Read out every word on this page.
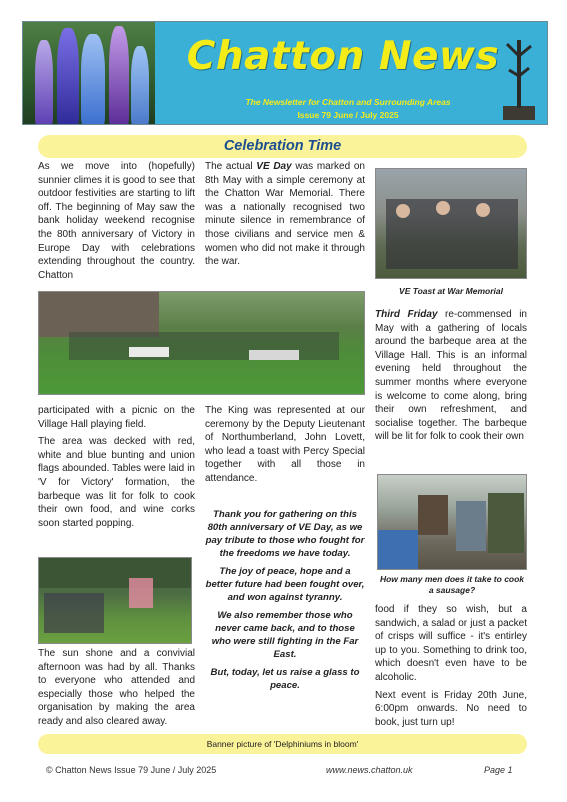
Chatton News
The Newsletter for Chatton and Surrounding Areas
Issue 79 June / July 2025
Celebration Time

As we move into (hopefully) sunnier climes it is good to see that outdoor festivities are starting to lift off. The beginning of May saw the bank holiday weekend recognise the 80th anniversary of Victory in Europe Day with celebrations extending throughout the country. Chatton

The actual VE Day was marked on 8th May with a simple ceremony at the Chatton War Memorial. There was a nationally recognised two minute silence in remembrance of those civilians and service men & women who did not make it through the war.

VE Toast at War Memorial

Third Friday re-commensed in May with a gathering of locals around the barbeque area at the Village Hall. This is an informal evening held throughout the summer months where everyone is welcome to come along, bring their own refreshment, and socialise together. The barbeque will be lit for folk to cook their own

participated with a picnic on the Village Hall playing field.

The area was decked with red, white and blue bunting and union flags abounded. Tables were laid in 'V for Victory' formation, the barbeque was lit for folk to cook their own food, and wine corks soon started popping.

The King was represented at our ceremony by the Deputy Lieutenant of Northumberland, John Lovett, who lead a toast with Percy Special together with all those in attendance.

Thank you for gathering on this 80th anniversary of VE Day, as we pay tribute to those who fought for the freedoms we have today.

The joy of peace, hope and a better future had been fought over, and won against tyranny.

We also remember those who never came back, and to those who were still fighting in the Far East.

But, today, let us raise a glass to peace.

How many men does it take to cook a sausage?

The sun shone and a convivial afternoon was had by all. Thanks to everyone who attended and especially those who helped the organisation by making the area ready and also cleared away.

food if they so wish, but a sandwich, a salad or just a packet of crisps will suffice - it's entirley up to you. Something to drink too, which doesn't even have to be alcoholic.

Next event is Friday 20th June, 6:00pm onwards. No need to book, just turn up!

Banner picture of 'Delphiniums in bloom'
© Chatton News Issue 79 June / July 2025	www.news.chatton.uk	Page 1
